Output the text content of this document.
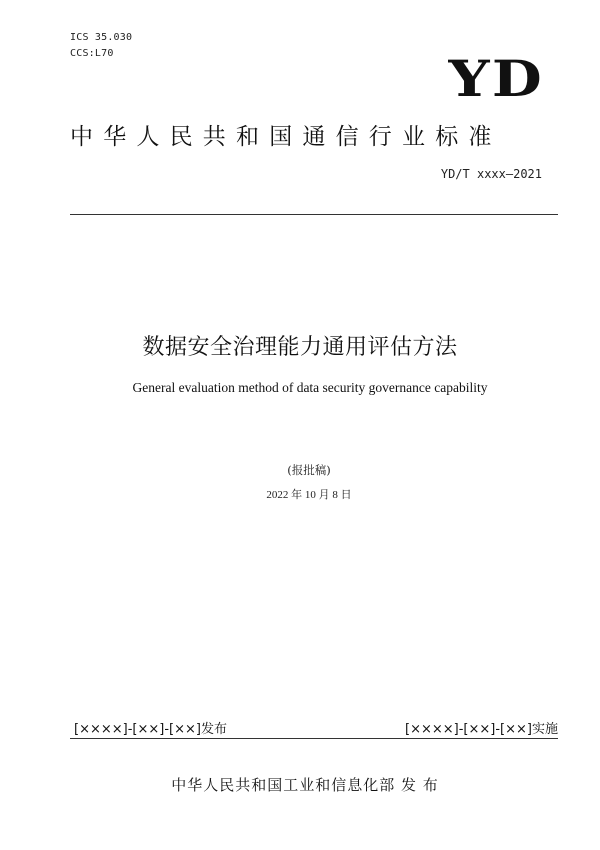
ICS 35.030
CCS:L70	YD
中华人民共和国通信行业标准
YD/T xxxx—2021
数据安全治理能力通用评估方法
General evaluation method of data security governance capability
(报批稿)
2022 年 10 月 8 日
[××××]-[××]-[××]发布	[××××]-[××]-[××]实施
中华人民共和国工业和信息化部 发 布
